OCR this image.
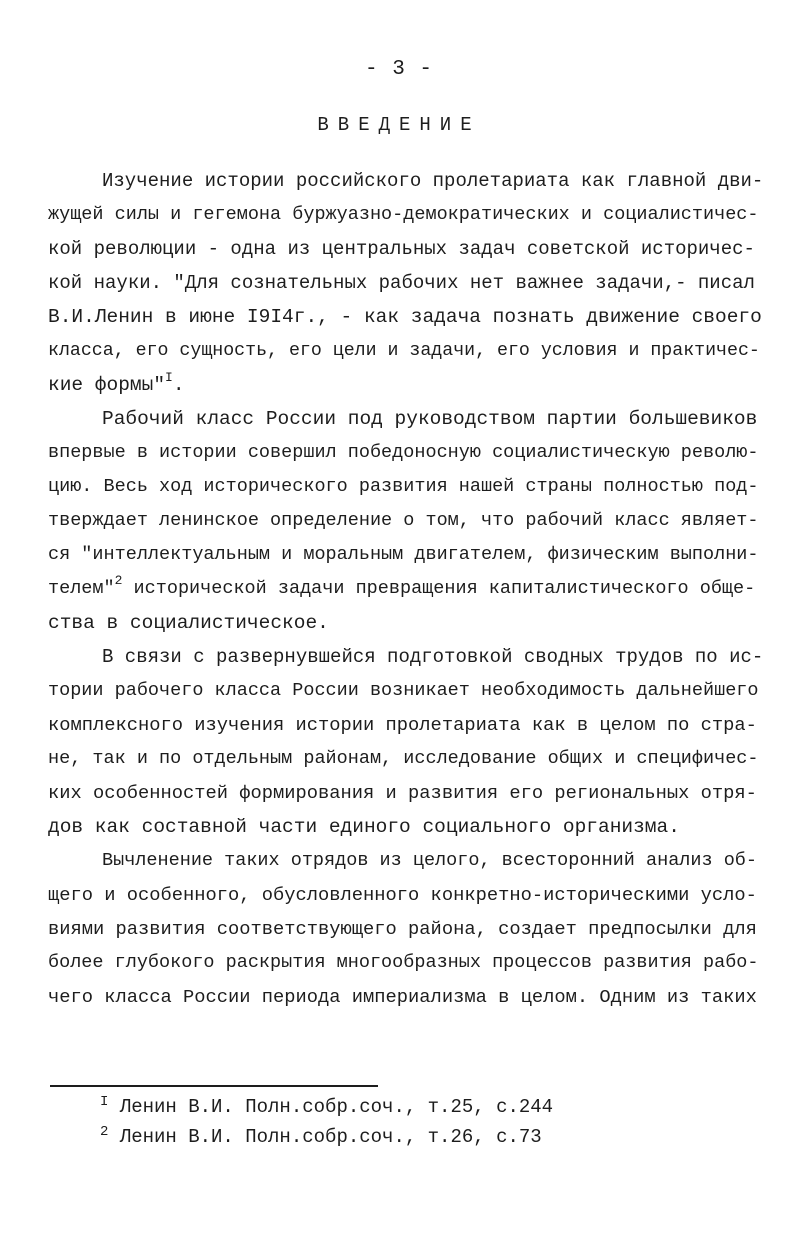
- 3 -
ВВЕДЕНИЕ
Изучение истории российского пролетариата как главной дви-
жущей силы и гегемона буржуазно-демократических и социалистичес-
кой революции - одна из центральных задач советской историчес-
кой науки. "Для сознательных рабочих нет важнее задачи,- писал
В.И.Ленин в июне I9I4г., - как задача познать движение своего
класса, его сущность, его цели и задачи, его условия и практичес-
кие формы"$^I$.
Рабочий класс России под руководством партии большевиков
впервые в истории совершил победоносную социалистическую револю-
цию. Весь ход исторического развития нашей страны полностью под-
тверждает ленинское определение о том, что рабочий класс являет-
ся "интеллектуальным и моральным двигателем, физическим выполни-
телем"$^2$ исторической задачи превращения капиталистического обще-
ства в социалистическое.
В связи с развернувшейся подготовкой сводных трудов по ис-
тории рабочего класса России возникает необходимость дальнейшего
комплексного изучения истории пролетариата как в целом по стра-
не, так и по отдельным районам, исследование общих и специфичес-
ких особенностей формирования и развития его региональных отря-
дов как составной части единого социального организма.
Вычленение таких отрядов из целого, всесторонний анализ об-
щего и особенного, обусловленного конкретно-историческими усло-
виями развития соответствующего района, создает предпосылки для
более глубокого раскрытия многообразных процессов развития рабо-
чего класса России периода империализма в целом. Одним из таких
$^I$ Ленин В.И. Полн.собр.соч., т.25, с.244
$^2$ Ленин В.И. Полн.собр.соч., т.26, с.73
